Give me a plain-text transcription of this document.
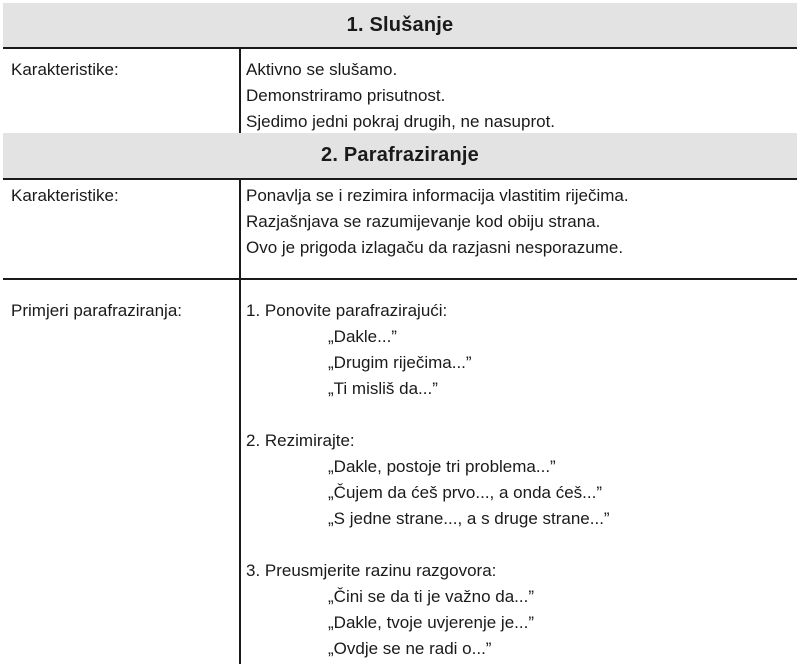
1. Slušanje
Karakteristike:	Aktivno se slušamo.
Demonstriramo prisutnost.
Sjedimo jedni pokraj drugih, ne nasuprot.
2. Parafraziranje
Karakteristike:	Ponavlja se i rezimira informacija vlastitim riječima.
Razjašnjava se razumijevanje kod obiju strana.
Ovo je prigoda izlagaču da razjasni nesporazume.
Primjeri parafraziranja:	1. Ponovite parafrazirajući:
„Dakle...”
„Drugim riječima...”
„Ti misliš da...”
2. Rezimirajte:
„Dakle, postoje tri problema...”
„Čujem da ćeš prvo..., a onda ćeš...”
„S jedne strane..., a s druge strane...”
3. Preusmjerite razinu razgovora:
„Čini se da ti je važno da...”
„Dakle, tvoje uvjerenje je...”
„Ovdje se ne radi o...”
